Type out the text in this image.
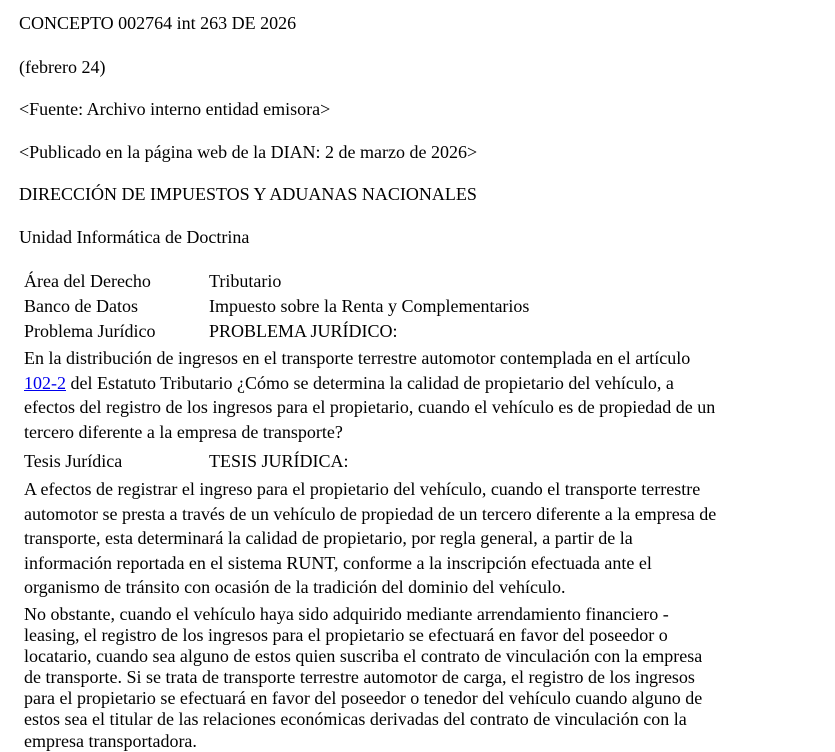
CONCEPTO 002764 int 263 DE 2026
(febrero 24)
<Fuente: Archivo interno entidad emisora>
<Publicado en la página web de la DIAN: 2 de marzo de 2026>
DIRECCIÓN DE IMPUESTOS Y ADUANAS NACIONALES
Unidad Informática de Doctrina
Área del Derecho	Tributario
Banco de Datos	Impuesto sobre la Renta y Complementarios
Problema Jurídico	PROBLEMA JURÍDICO:
En la distribución de ingresos en el transporte terrestre automotor contemplada en el artículo
102-2 del Estatuto Tributario ¿Cómo se determina la calidad de propietario del vehículo, a
efectos del registro de los ingresos para el propietario, cuando el vehículo es de propiedad de un
tercero diferente a la empresa de transporte?
Tesis Jurídica	TESIS JURÍDICA:
A efectos de registrar el ingreso para el propietario del vehículo, cuando el transporte terrestre
automotor se presta a través de un vehículo de propiedad de un tercero diferente a la empresa de
transporte, esta determinará la calidad de propietario, por regla general, a partir de la
información reportada en el sistema RUNT, conforme a la inscripción efectuada ante el
organismo de tránsito con ocasión de la tradición del dominio del vehículo.
No obstante, cuando el vehículo haya sido adquirido mediante arrendamiento financiero -
leasing, el registro de los ingresos para el propietario se efectuará en favor del poseedor o
locatario, cuando sea alguno de estos quien suscriba el contrato de vinculación con la empresa
de transporte. Si se trata de transporte terrestre automotor de carga, el registro de los ingresos
para el propietario se efectuará en favor del poseedor o tenedor del vehículo cuando alguno de
estos sea el titular de las relaciones económicas derivadas del contrato de vinculación con la
empresa transportadora.
